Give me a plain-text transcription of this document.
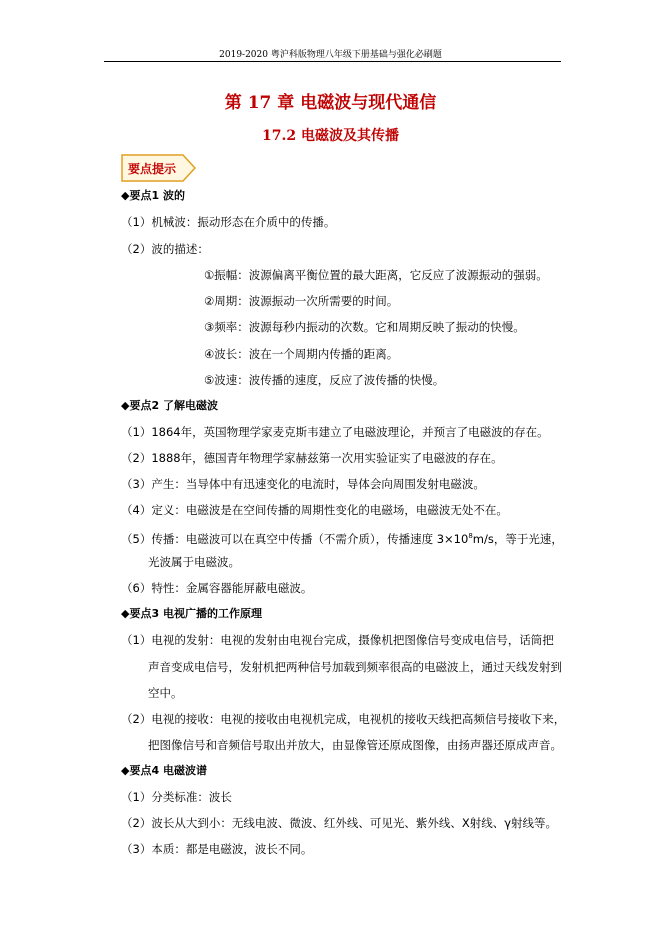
2019-2020 粤沪科版物理八年级下册基础与强化必刷题
第 17 章 电磁波与现代通信
17.2 电磁波及其传播
要点提示
◆要点1 波的
（1）机械波：振动形态在介质中的传播。
（2）波的描述：
①振幅：波源偏离平衡位置的最大距离，它反应了波源振动的强弱。
②周期：波源振动一次所需要的时间。
③频率：波源每秒内振动的次数。它和周期反映了振动的快慢。
④波长：波在一个周期内传播的距离。
⑤波速：波传播的速度，反应了波传播的快慢。
◆要点2 了解电磁波
（1）1864年，英国物理学家麦克斯韦建立了电磁波理论，并预言了电磁波的存在。
（2）1888年，德国青年物理学家赫兹第一次用实验证实了电磁波的存在。
（3）产生：当导体中有迅速变化的电流时，导体会向周围发射电磁波。
（4）定义：电磁波是在空间传播的周期性变化的电磁场，电磁波无处不在。
（5）传播：电磁波可以在真空中传播（不需介质），传播速度 $3\times 10^8m/s$，等于光速，
光波属于电磁波。
（6）特性：金属容器能屏蔽电磁波。
◆要点3 电视广播的工作原理
（1）电视的发射：电视的发射由电视台完成，摄像机把图像信号变成电信号，话筒把
声音变成电信号，发射机把两种信号加载到频率很高的电磁波上，通过天线发射到
空中。
（2）电视的接收：电视的接收由电视机完成，电视机的接收天线把高频信号接收下来，
把图像信号和音频信号取出并放大，由显像管还原成图像，由扬声器还原成声音。
◆要点4 电磁波谱
（1）分类标准：波长
（2）波长从大到小：无线电波、微波、红外线、可见光、紫外线、X射线、γ射线等。
（3）本质：都是电磁波，波长不同。
